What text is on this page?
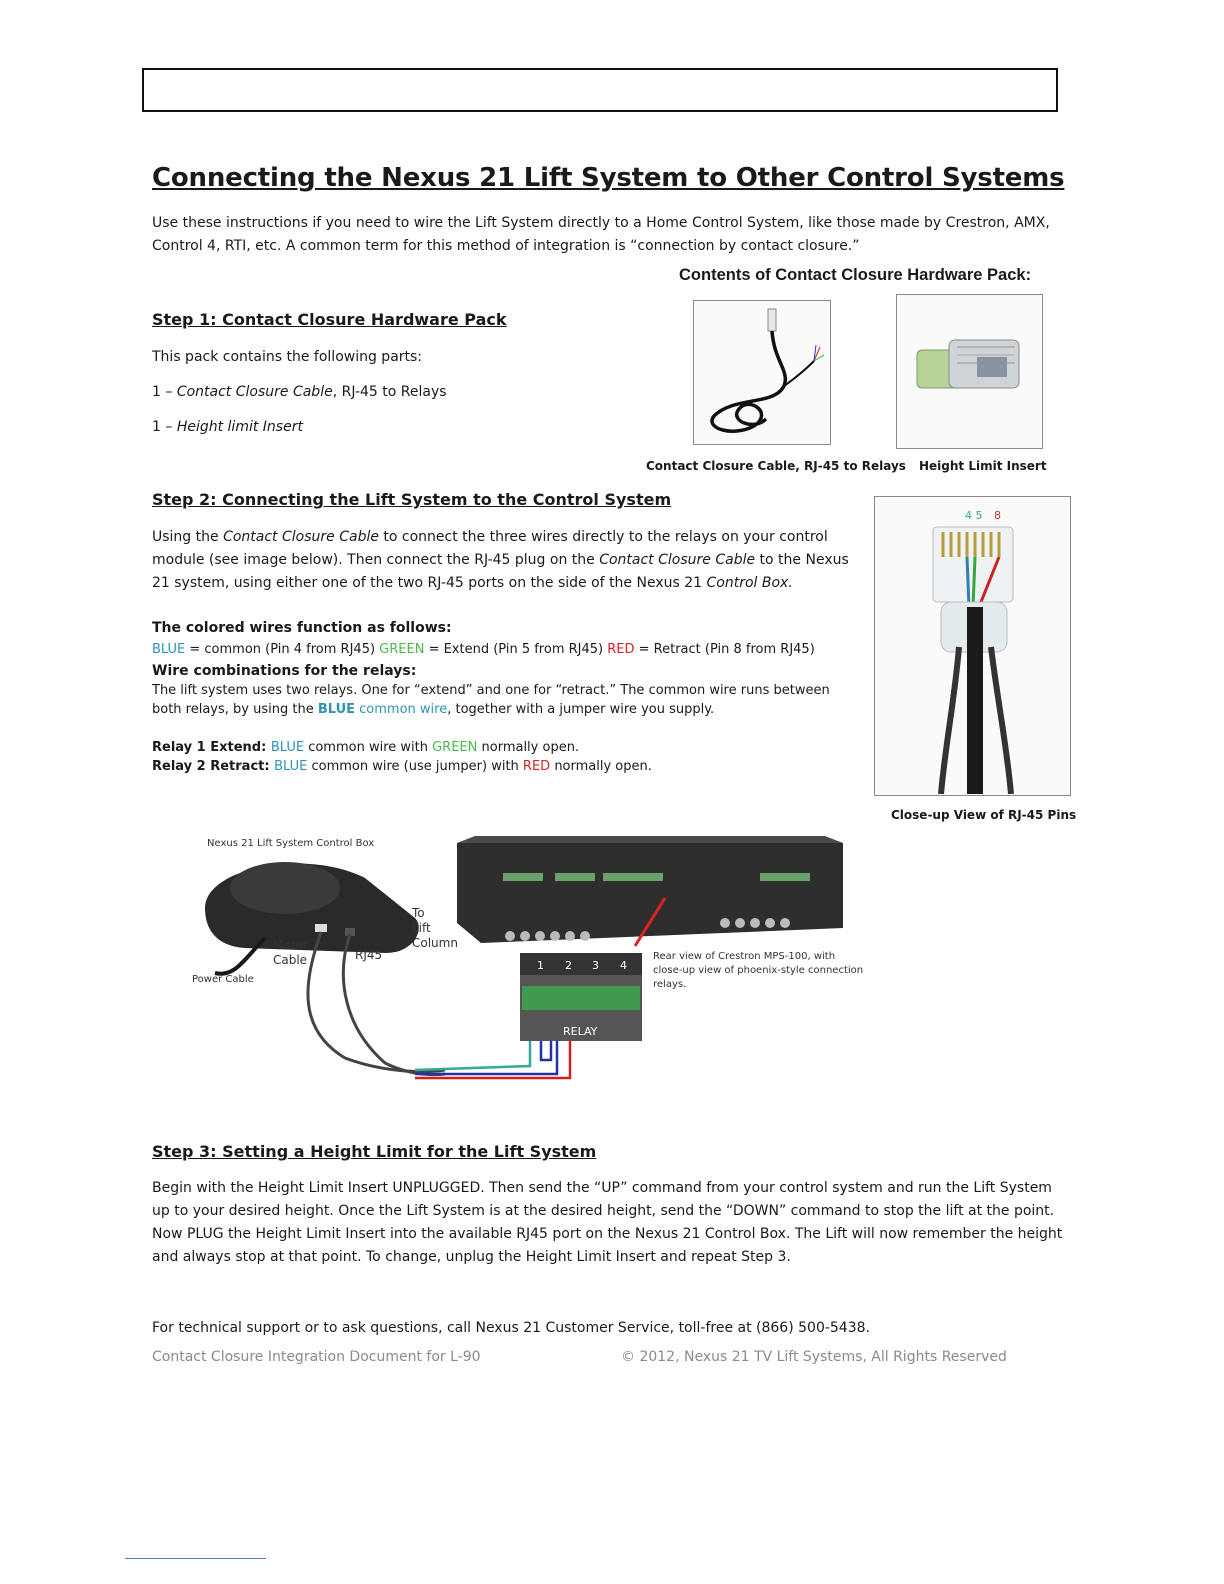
Connecting the Nexus 21 Lift System to Other Control Systems
Use these instructions if you need to wire the Lift System directly to a Home Control System, like those made by Crestron, AMX,
Control 4, RTI, etc. A common term for this method of integration is “connection by contact closure.”
Contents of Contact Closure Hardware Pack:
Step 1: Contact Closure Hardware Pack
This pack contains the following parts:
1 – Contact Closure Cable, RJ-45 to Relays
1 – Height limit Insert
Contact Closure Cable, RJ-45 to Relays Height Limit Insert
Step 2: Connecting the Lift System to the Control System
Using the Contact Closure Cable to connect the three wires directly to the relays on your control
module (see image below). Then connect the RJ-45 plug on the Contact Closure Cable to the Nexus
21 system, using either one of the two RJ-45 ports on the side of the Nexus 21 Control Box.
The colored wires function as follows:
BLUE = common (Pin 4 from RJ45) GREEN = Extend (Pin 5 from RJ45) RED = Retract (Pin 8 from RJ45)
Wire combinations for the relays:
The lift system uses two relays. One for “extend” and one for “retract.” The common wire runs between
both relays, by using the BLUE common wire, together with a jumper wire you supply.
Relay 1 Extend: BLUE common wire with GREEN normally open.
Relay 2 Retract: BLUE common wire (use jumper) with RED normally open.
4 5 8
Close-up View of RJ-45 Pins
1 2 3 4
RELAY
Nexus 21 Lift System Control Box
To
Lift
Column
Motor
Cable	RJ45
Power Cable
Rear view of Crestron MPS-100, with
close-up view of phoenix-style connection
relays.
Step 3: Setting a Height Limit for the Lift System
Begin with the Height Limit Insert UNPLUGGED. Then send the “UP” command from your control system and run the Lift System
up to your desired height. Once the Lift System is at the desired height, send the “DOWN” command to stop the lift at the point.
Now PLUG the Height Limit Insert into the available RJ45 port on the Nexus 21 Control Box. The Lift will now remember the height
and always stop at that point. To change, unplug the Height Limit Insert and repeat Step 3.
For technical support or to ask questions, call Nexus 21 Customer Service, toll-free at (866) 500-5438.
Contact Closure Integration Document for L-90	© 2012, Nexus 21 TV Lift Systems, All Rights Reserved
